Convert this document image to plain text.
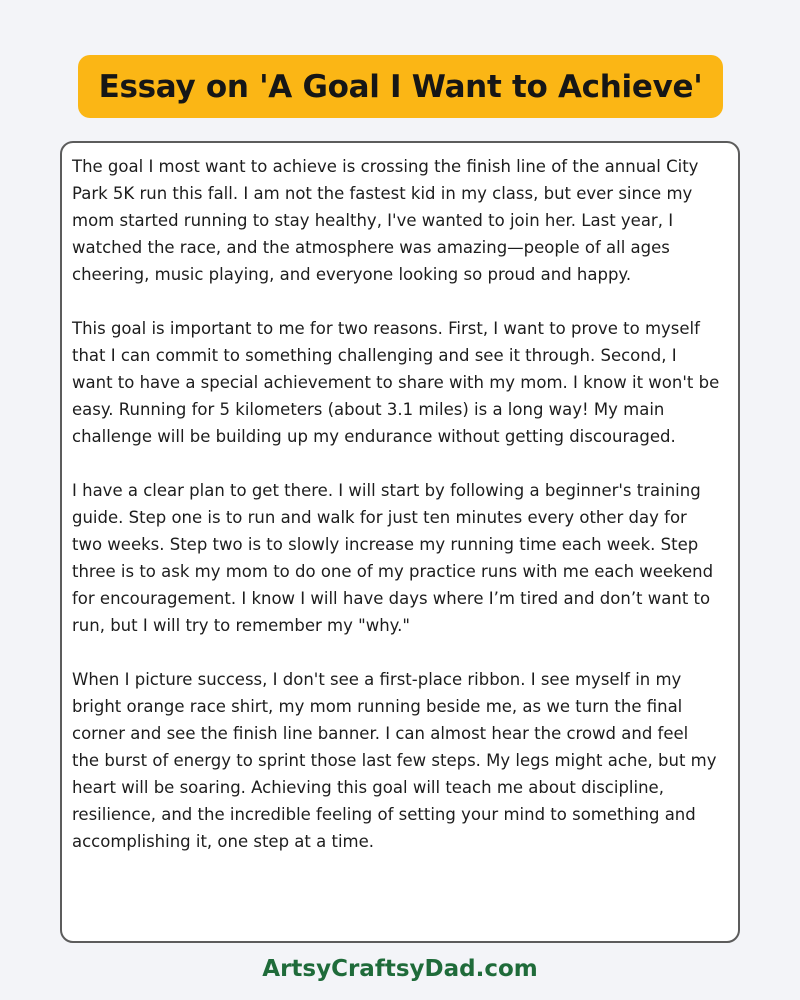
Essay on 'A Goal I Want to Achieve'

The goal I most want to achieve is crossing the finish line of the annual City Park 5K run this fall. I am not the fastest kid in my class, but ever since my mom started running to stay healthy, I've wanted to join her. Last year, I watched the race, and the atmosphere was amazing—people of all ages cheering, music playing, and everyone looking so proud and happy.

This goal is important to me for two reasons. First, I want to prove to myself that I can commit to something challenging and see it through. Second, I want to have a special achievement to share with my mom. I know it won't be easy. Running for 5 kilometers (about 3.1 miles) is a long way! My main challenge will be building up my endurance without getting discouraged.

I have a clear plan to get there. I will start by following a beginner's training guide. Step one is to run and walk for just ten minutes every other day for two weeks. Step two is to slowly increase my running time each week. Step three is to ask my mom to do one of my practice runs with me each weekend for encouragement. I know I will have days where I’m tired and don’t want to run, but I will try to remember my "why."

When I picture success, I don't see a first-place ribbon. I see myself in my bright orange race shirt, my mom running beside me, as we turn the final corner and see the finish line banner. I can almost hear the crowd and feel the burst of energy to sprint those last few steps. My legs might ache, but my heart will be soaring. Achieving this goal will teach me about discipline, resilience, and the incredible feeling of setting your mind to something and accomplishing it, one step at a time.

ArtsyCraftsyDad.com
